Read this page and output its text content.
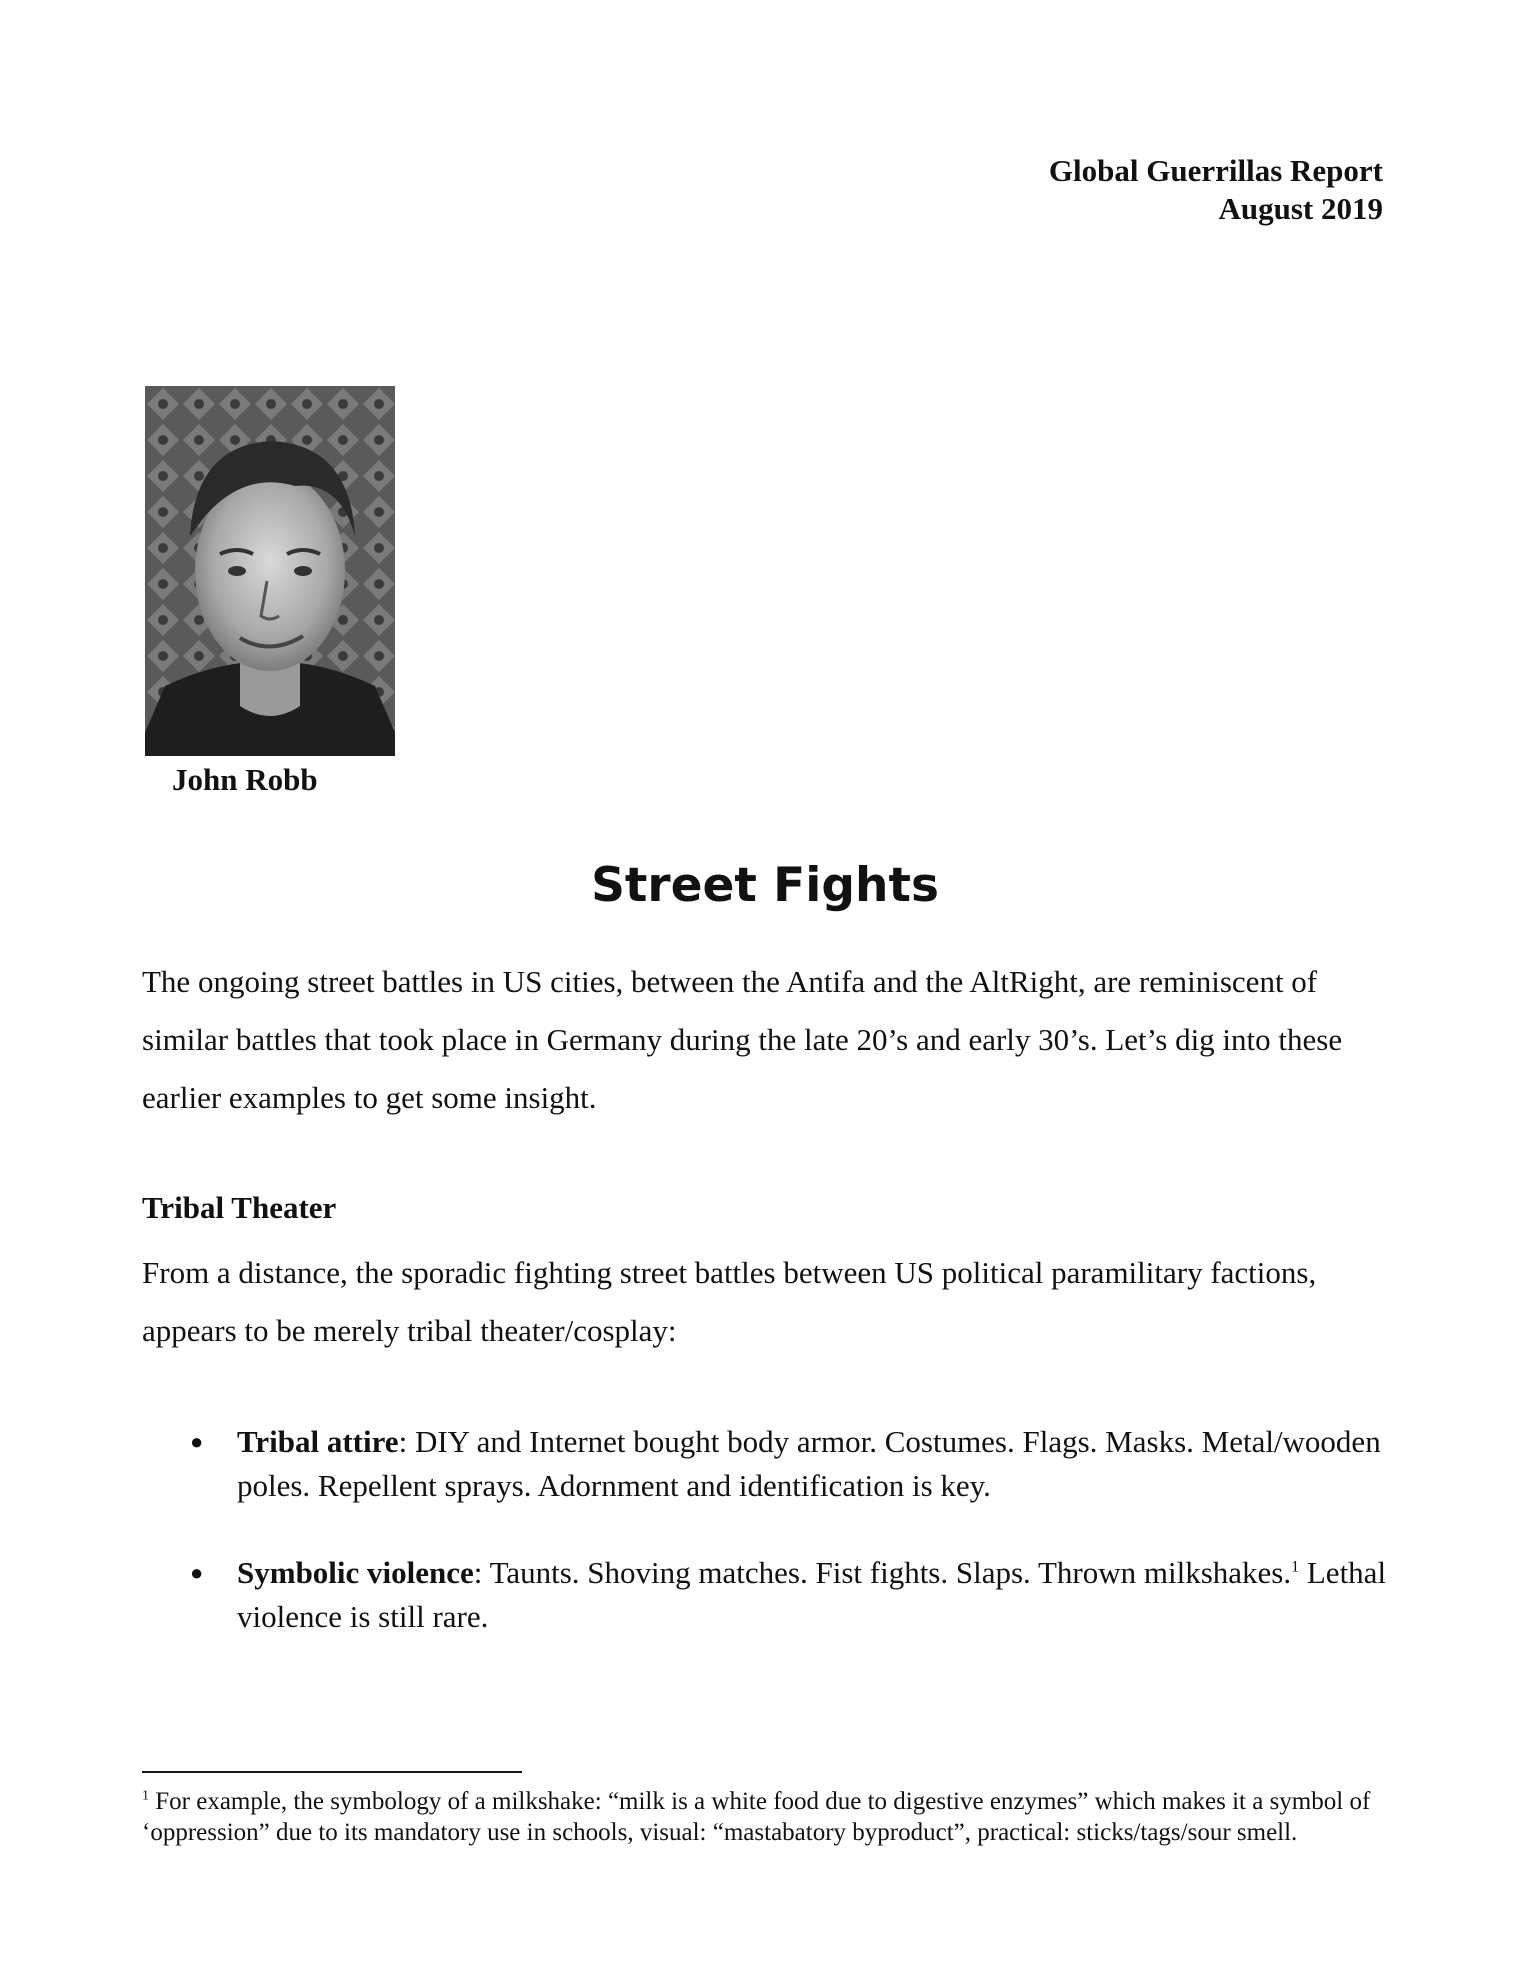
Global Guerrillas Report
August 2019
John Robb
Street Fights

The ongoing street battles in US cities, between the Antifa and the AltRight, are reminiscent of similar battles that took place in Germany during the late 20’s and early 30’s. Let’s dig into these earlier examples to get some insight.

Tribal Theater

From a distance, the sporadic fighting street battles between US political paramilitary factions, appears to be merely tribal theater/cosplay:

● Tribal attire: DIY and Internet bought body armor. Costumes. Flags. Masks. Metal/wooden poles. Repellent sprays. Adornment and identification is key.
● Symbolic violence: Taunts. Shoving matches. Fist fights. Slaps. Thrown milkshakes.$^1$ Lethal violence is still rare.
$^1$ For example, the symbology of a milkshake: “milk is a white food due to digestive enzymes” which makes it a symbol of ‘oppression” due to its mandatory use in schools, visual: “mastabatory byproduct”, practical: sticks/tags/sour smell.
